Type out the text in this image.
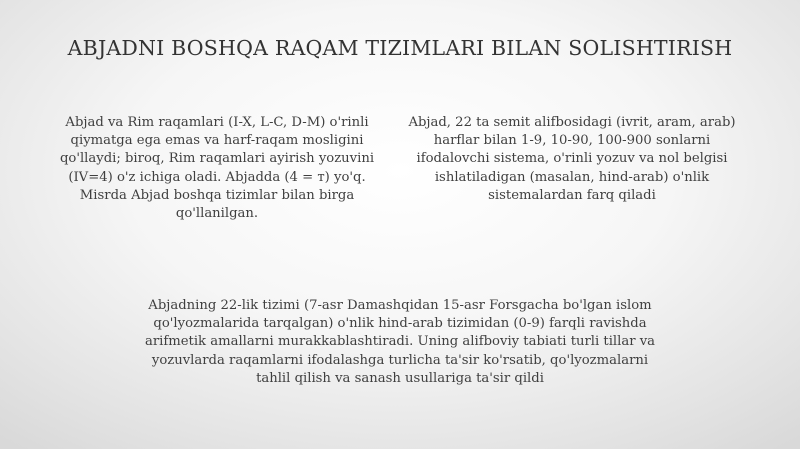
ABJADNI BOSHQA RAQAM TIZIMLARI BILAN SOLISHTIRISH

Abjad va Rim raqamlari (I-X, L-C, D-M) o'rinli qiymatga ega emas va harf-raqam mosligini qo'llaydi; biroq, Rim raqamlari ayirish yozuvini (IV=4) o'z ichiga oladi. Abjadda (4 = т) yo'q. Misrda Abjad boshqa tizimlar bilan birga qo'llanilgan.

Abjad, 22 ta semit alifbosidagi (ivrit, aram, arab) harflar bilan 1-9, 10-90, 100-900 sonlarni ifodalovchi sistema, o'rinli yozuv va nol belgisi ishlatiladigan (masalan, hind-arab) o'nlik sistemalardan farq qiladi

Abjadning 22-lik tizimi (7-asr Damashqidan 15-asr Forsgacha bo'lgan islom qo'lyozmalarida tarqalgan) o'nlik hind-arab tizimidan (0-9) farqli ravishda arifmetik amallarni murakkablashtiradi. Uning alifboviy tabiati turli tillar va yozuvlarda raqamlarni ifodalashga turlicha ta'sir ko'rsatib, qo'lyozmalarni tahlil qilish va sanash usullariga ta'sir qildi
